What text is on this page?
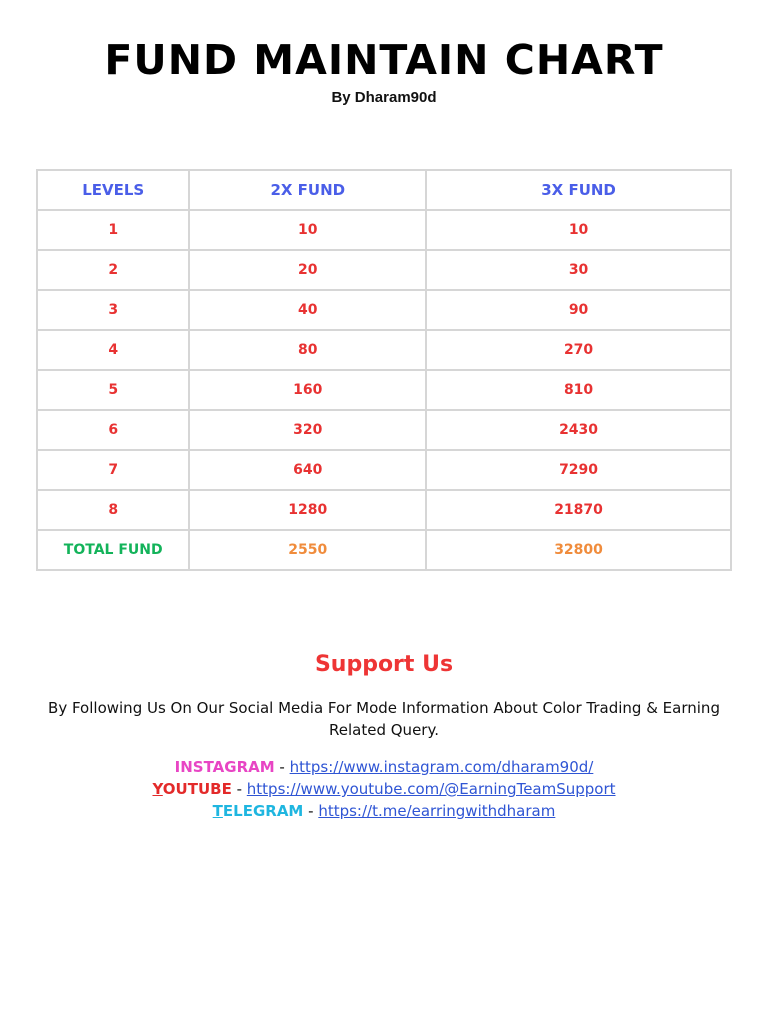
FUND MAINTAIN CHART
By Dharam90d
LEVELS	2X FUND	3X FUND
1	10	10
2	20	30
3	40	90
4	80	270
5	160	810
6	320	2430
7	640	7290
8	1280	21870
TOTAL FUND	2550	32800
Support Us
By Following Us On Our Social Media For Mode Information About Color Trading & Earning Related Query.
INSTAGRAM - https://www.instagram.com/dharam90d/
YOUTUBE - https://www.youtube.com/@EarningTeamSupport
TELEGRAM - https://t.me/earringwithdharam
